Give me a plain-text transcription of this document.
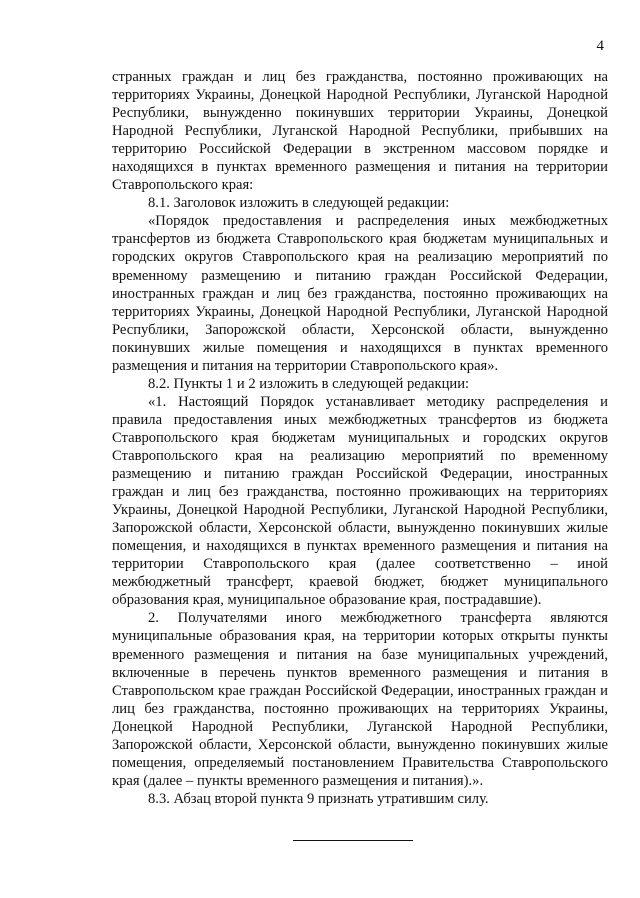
4

странных граждан и лиц без гражданства, постоянно проживающих на территориях Украины, Донецкой Народной Республики, Луганской Народной Республики, вынужденно покинувших территории Украины, Донецкой Народной Республики, Луганской Народной Республики, прибывших на территорию Российской Федерации в экстренном массовом порядке и находящихся в пунктах временного размещения и питания на территории Ставропольского края:

8.1. Заголовок изложить в следующей редакции:

«Порядок предоставления и распределения иных межбюджетных трансфертов из бюджета Ставропольского края бюджетам муниципальных и городских округов Ставропольского края на реализацию мероприятий по временному размещению и питанию граждан Российской Федерации, иностранных граждан и лиц без гражданства, постоянно проживающих на территориях Украины, Донецкой Народной Республики, Луганской Народной Республики, Запорожской области, Херсонской области, вынужденно покинувших жилые помещения и находящихся в пунктах временного размещения и питания на территории Ставропольского края».

8.2. Пункты 1 и 2 изложить в следующей редакции:

«1. Настоящий Порядок устанавливает методику распределения и правила предоставления иных межбюджетных трансфертов из бюджета Ставропольского края бюджетам муниципальных и городских округов Ставропольского края на реализацию мероприятий по временному размещению и питанию граждан Российской Федерации, иностранных граждан и лиц без гражданства, постоянно проживающих на территориях Украины, Донецкой Народной Республики, Луганской Народной Республики, Запорожской области, Херсонской области, вынужденно покинувших жилые помещения, и находящихся в пунктах временного размещения и питания на территории Ставропольского края (далее соответственно – иной межбюджетный трансферт, краевой бюджет, бюджет муниципального образования края, муниципальное образование края, пострадавшие).

2. Получателями иного межбюджетного трансферта являются муниципальные образования края, на территории которых открыты пункты временного размещения и питания на базе муниципальных учреждений, включенные в перечень пунктов временного размещения и питания в Ставропольском крае граждан Российской Федерации, иностранных граждан и лиц без гражданства, постоянно проживающих на территориях Украины, Донецкой Народной Республики, Луганской Народной Республики, Запорожской области, Херсонской области, вынужденно покинувших жилые помещения, определяемый постановлением Правительства Ставропольского края (далее – пункты временного размещения и питания).».

8.3. Абзац второй пункта 9 признать утратившим силу.
